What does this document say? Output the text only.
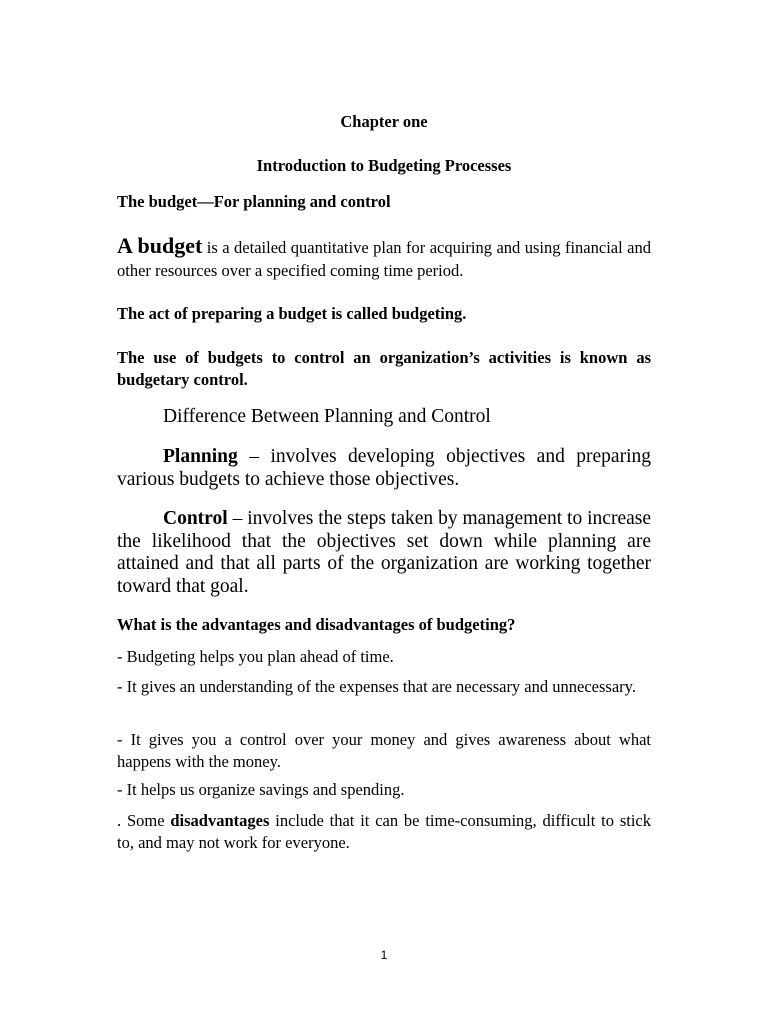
Chapter one
Introduction to Budgeting Processes
The budget—For planning and control

A budget is a detailed quantitative plan for acquiring and using financial and other resources over a specified coming time period.

The act of preparing a budget is called budgeting.

The use of budgets to control an organization’s activities is known as budgetary control.

Difference Between Planning and Control

Planning – involves developing objectives and preparing various budgets to achieve those objectives.

Control – involves the steps taken by management to increase the likelihood that the objectives set down while planning are attained and that all parts of the organization are working together toward that goal.

What is the advantages and disadvantages of budgeting?

- Budgeting helps you plan ahead of time.

- It gives an understanding of the expenses that are necessary and unnecessary.

- It gives you a control over your money and gives awareness about what happens with the money.

- It helps us organize savings and spending.

. Some disadvantages include that it can be time-consuming, difficult to stick to, and may not work for everyone.

1
